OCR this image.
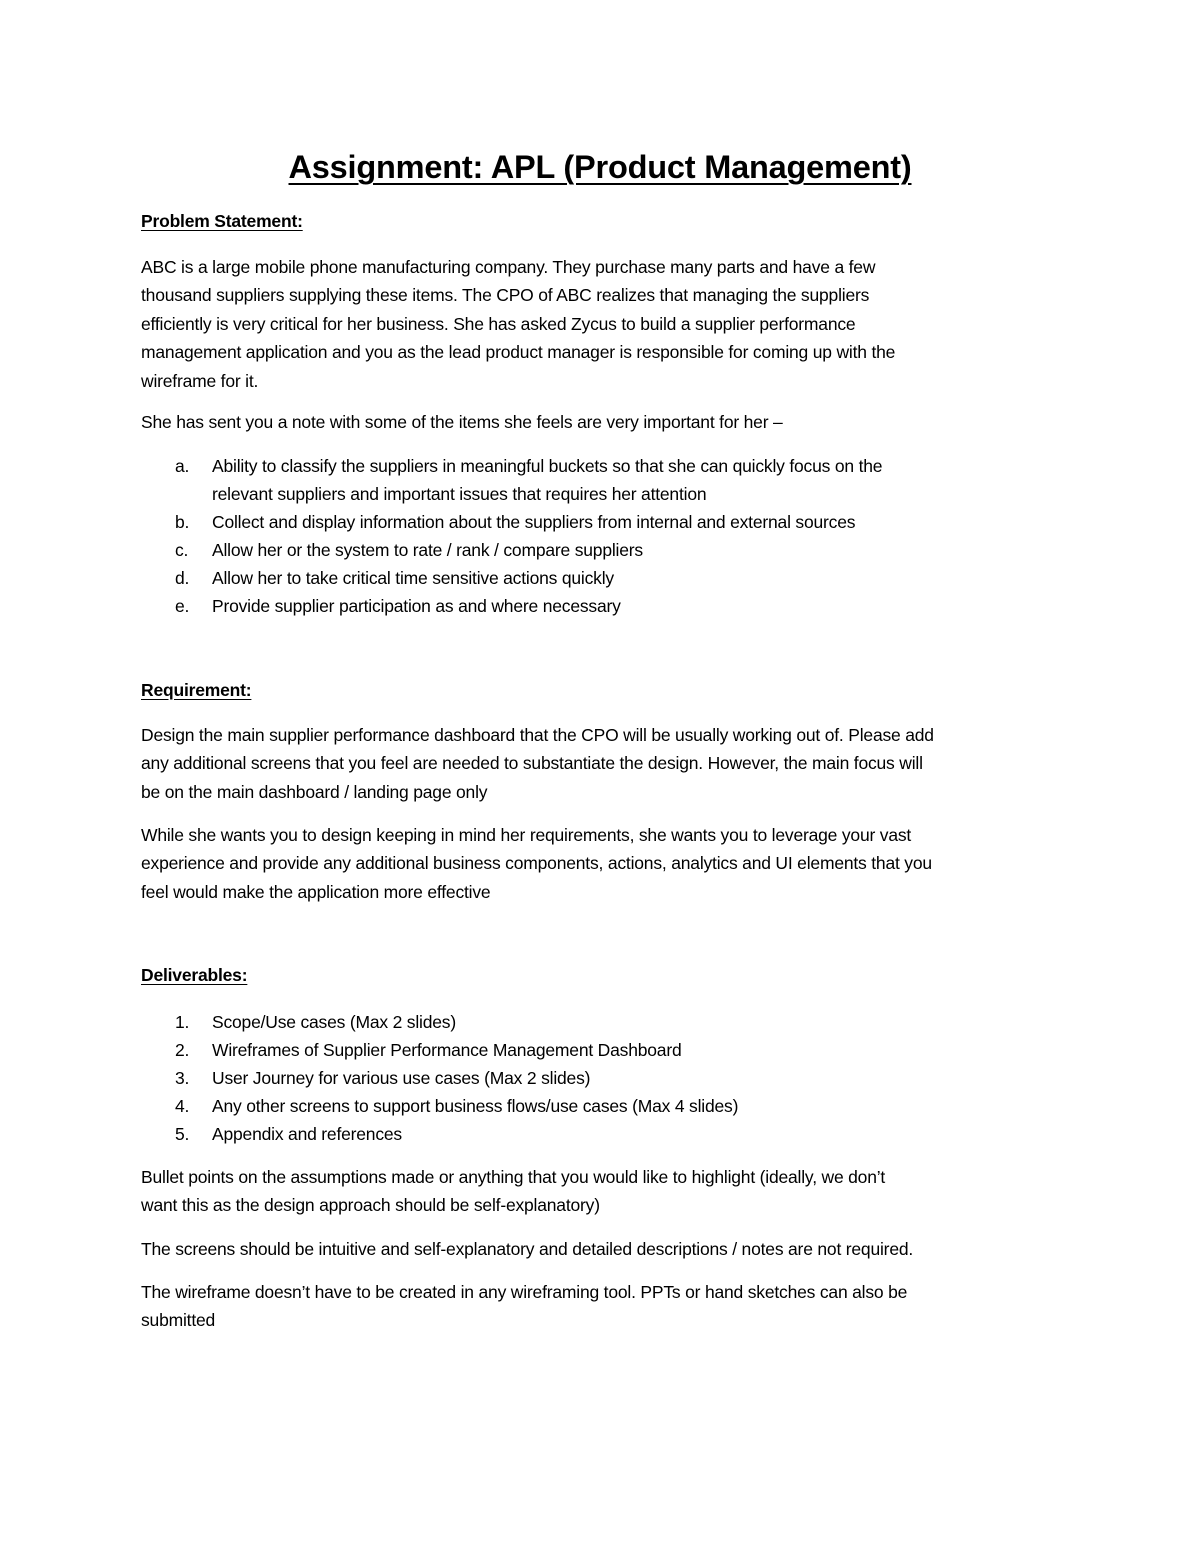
Assignment: APL (Product Management)
Problem Statement:
ABC is a large mobile phone manufacturing company. They purchase many parts and have a few
thousand suppliers supplying these items. The CPO of ABC realizes that managing the suppliers
efficiently is very critical for her business. She has asked Zycus to build a supplier performance
management application and you as the lead product manager is responsible for coming up with the
wireframe for it.
She has sent you a note with some of the items she feels are very important for her –
a. Ability to classify the suppliers in meaningful buckets so that she can quickly focus on the
relevant suppliers and important issues that requires her attention
b. Collect and display information about the suppliers from internal and external sources
c. Allow her or the system to rate / rank / compare suppliers
d. Allow her to take critical time sensitive actions quickly
e. Provide supplier participation as and where necessary
Requirement:
Design the main supplier performance dashboard that the CPO will be usually working out of. Please add
any additional screens that you feel are needed to substantiate the design. However, the main focus will
be on the main dashboard / landing page only
While she wants you to design keeping in mind her requirements, she wants you to leverage your vast
experience and provide any additional business components, actions, analytics and UI elements that you
feel would make the application more effective
Deliverables:
1. Scope/Use cases (Max 2 slides)
2. Wireframes of Supplier Performance Management Dashboard
3. User Journey for various use cases (Max 2 slides)
4. Any other screens to support business flows/use cases (Max 4 slides)
5. Appendix and references
Bullet points on the assumptions made or anything that you would like to highlight (ideally, we don’t
want this as the design approach should be self-explanatory)
The screens should be intuitive and self-explanatory and detailed descriptions / notes are not required.
The wireframe doesn’t have to be created in any wireframing tool. PPTs or hand sketches can also be
submitted
